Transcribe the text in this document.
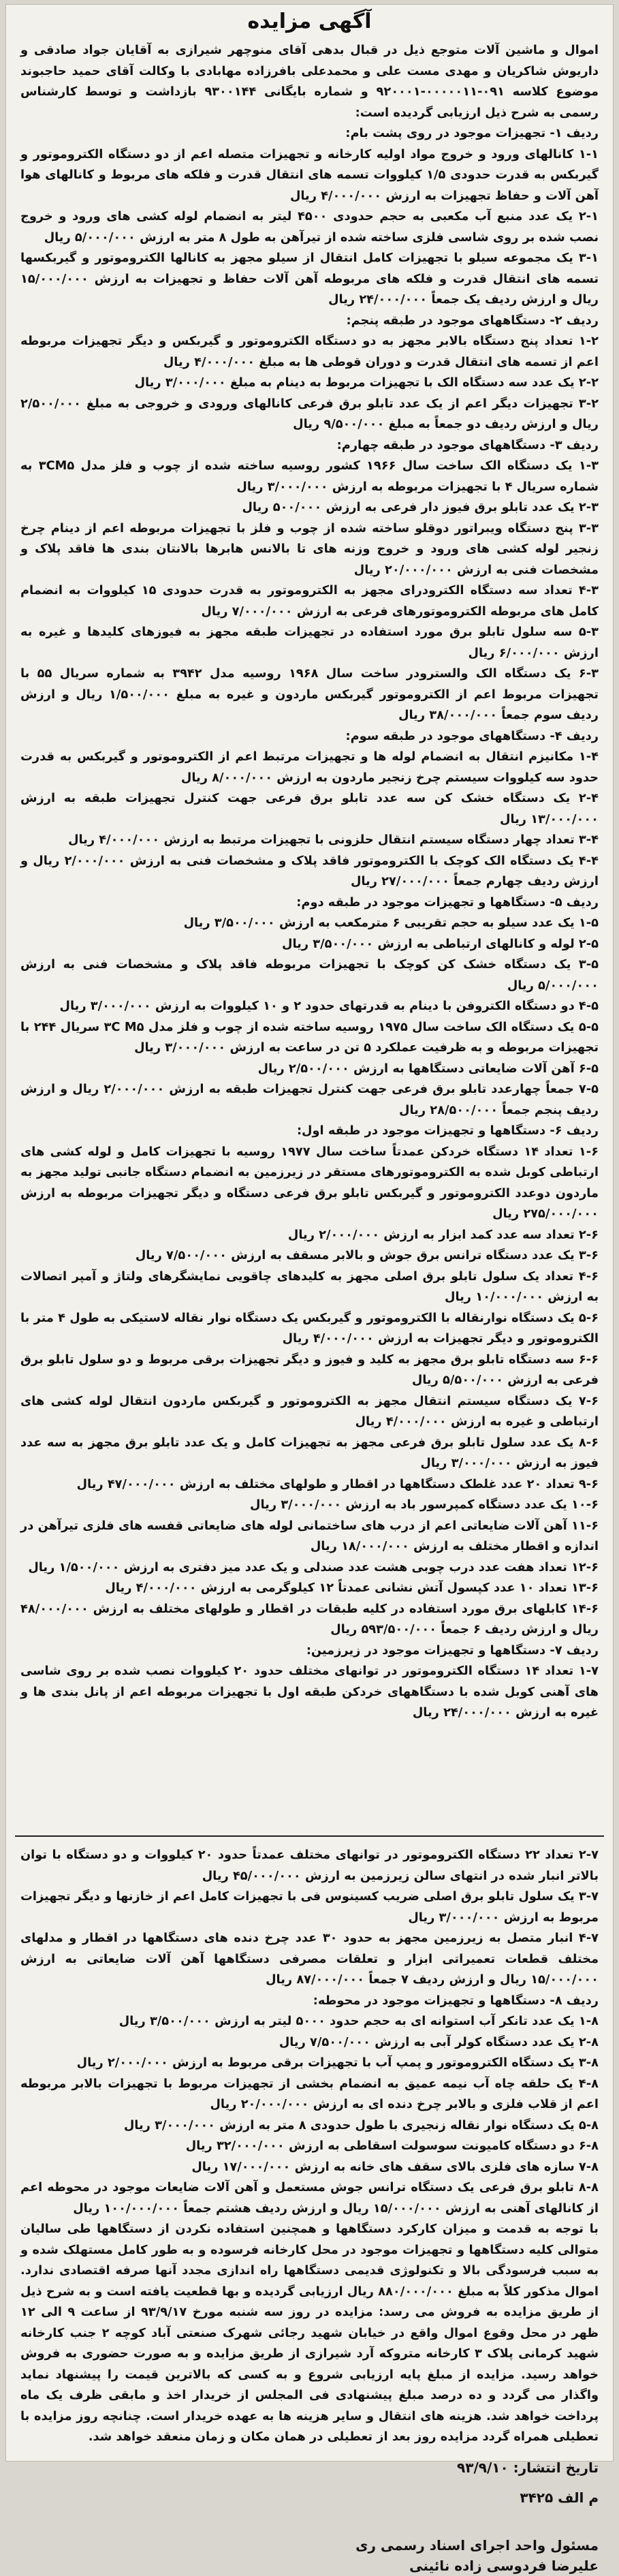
آگهی مزایده

اموال و ماشین آلات متوجع ذیل در قبال بدهی آقای منوچهر شیرازی به آقایان جواد صادقی و داریوش شاکریان و مهدی مست علی و محمدعلی بافرزاده مهابادی با وکالت آقای حمید حاجبوند موضوع کلاسه ۰۹۱-۰۰۰۰۰۱۱-۹۲۰۰۰۱ و شماره بایگانی ۹۳۰۰۱۴۴ بازداشت و توسط کارشناس رسمی به شرح ذیل ارزیابی گردیده است:

ردیف ۱- تجهیزات موجود در روی پشت بام:

۱-۱ کانالهای ورود و خروج مواد اولیه کارخانه و تجهیزات متصله اعم از دو دستگاه الکتروموتور و گیربکس به قدرت حدودی ۱/۵ کیلووات تسمه های انتقال قدرت و فلکه های مربوط و کانالهای هوا آهن آلات و حفاظ تجهیزات به ارزش ۴/۰۰۰/۰۰۰ ریال

۲-۱ یک عدد منبع آب مکعبی به حجم حدودی ۴۵۰۰ لیتر به انضمام لوله کشی های ورود و خروج نصب شده بر روی شاسی فلزی ساخته شده از تیرآهن به طول ۸ متر به ارزش ۵/۰۰۰/۰۰۰ ریال

۳-۱ یک مجموعه سیلو با تجهیزات کامل انتقال از سیلو مجهز به کانالها الکتروموتور و گیربکسها تسمه های انتقال قدرت و فلکه های مربوطه آهن آلات حفاظ و تجهیزات به ارزش ۱۵/۰۰۰/۰۰۰ ریال و ارزش ردیف یک جمعاً ۲۴/۰۰۰/۰۰۰ ریال

ردیف ۲- دستگاههای موجود در طبقه پنجم:

۱-۲ تعداد پنج دستگاه بالابر مجهز به دو دستگاه الکتروموتور و گیربکس و دیگر تجهیزات مربوطه اعم از تسمه های انتقال قدرت و دوران قوطی ها به مبلغ ۴/۰۰۰/۰۰۰ ریال

۲-۲ یک عدد سه دستگاه الک با تجهیزات مربوط به دینام به مبلغ ۳/۰۰۰/۰۰۰ ریال

۳-۲ تجهیزات دیگر اعم از یک عدد تابلو برق فرعی کانالهای ورودی و خروجی به مبلغ ۲/۵۰۰/۰۰۰ ریال و ارزش ردیف دو جمعاً به مبلغ ۹/۵۰۰/۰۰۰ ریال

ردیف ۳- دستگاههای موجود در طبقه چهارم:

۱-۳ یک دستگاه الک ساخت سال ۱۹۶۶ کشور روسیه ساخته شده از چوب و فلز مدل ۳CM۵ به شماره سریال ۴ با تجهیزات مربوطه به ارزش ۳/۰۰۰/۰۰۰ ریال

۲-۳ یک عدد تابلو برق فیوز دار فرعی به ارزش ۵۰۰/۰۰۰ ریال

۳-۳ پنج دستگاه ویبراتور دوقلو ساخته شده از چوب و فلز با تجهیزات مربوطه اعم از دینام چرخ زنجیر لوله کشی های ورود و خروج وزنه های تا بالانس هابرها بالانتان بندی ها فاقد پلاک و مشخصات فنی به ارزش ۲۰/۰۰۰/۰۰۰ ریال

۴-۳ تعداد سه دستگاه الکترودرای مجهز به الکتروموتور به قدرت حدودی ۱۵ کیلووات به انضمام کامل های مربوطه الکتروموتورهای فرعی به ارزش ۷/۰۰۰/۰۰۰ ریال

۵-۳ سه سلول تابلو برق مورد استفاده در تجهیزات طبقه مجهز به فیوزهای کلیدها و غیره به ارزش ۶/۰۰۰/۰۰۰ ریال

۶-۳ یک دستگاه الک والسترودر ساخت سال ۱۹۶۸ روسیه مدل ۳۹۴۲ به شماره سریال ۵۵ با تجهیزات مربوط اعم از الکتروموتور گیربکس ماردون و غیره به مبلغ ۱/۵۰۰/۰۰۰ ریال و ارزش ردیف سوم جمعاً ۳۸/۰۰۰/۰۰۰ ریال

ردیف ۴- دستگاههای موجود در طبقه سوم:

۱-۴ مکانیزم انتقال به انضمام لوله ها و تجهیزات مرتبط اعم از الکتروموتور و گیربکس به قدرت حدود سه کیلووات سیستم چرخ زنجیر ماردون به ارزش ۸/۰۰۰/۰۰۰ ریال

۲-۴ یک دستگاه خشک کن سه عدد تابلو برق فرعی جهت کنترل تجهیزات طبقه به ارزش ۱۳/۰۰۰/۰۰۰ ریال

۳-۴ تعداد چهار دستگاه سیستم انتقال حلزونی با تجهیزات مرتبط به ارزش ۴/۰۰۰/۰۰۰ ریال

۴-۴ یک دستگاه الک کوچک با الکتروموتور فاقد پلاک و مشخصات فنی به ارزش ۲/۰۰۰/۰۰۰ ریال و ارزش ردیف چهارم جمعاً ۲۷/۰۰۰/۰۰۰ ریال

ردیف ۵- دستگاهها و تجهیزات موجود در طبقه دوم:

۱-۵ یک عدد سیلو به حجم تقریبی ۶ مترمکعب به ارزش ۳/۵۰۰/۰۰۰ ریال

۲-۵ لوله و کانالهای ارتباطی به ارزش ۳/۵۰۰/۰۰۰ ریال

۳-۵ یک دستگاه خشک کن کوچک با تجهیزات مربوطه فاقد پلاک و مشخصات فنی به ارزش ۵/۰۰۰/۰۰۰ ریال

۴-۵ دو دستگاه الکتروفن با دینام به قدرتهای حدود ۲ و ۱۰ کیلووات به ارزش ۳/۰۰۰/۰۰۰ ریال

۵-۵ یک دستگاه الک ساخت سال ۱۹۷۵ روسیه ساخته شده از چوب و فلز مدل ۳C M۵ سریال ۲۴۴ با تجهیزات مربوطه و به ظرفیت عملکرد ۵ تن در ساعت به ارزش ۳/۰۰۰/۰۰۰ ریال

۶-۵ آهن آلات ضایعاتی دستگاهها به ارزش ۲/۵۰۰/۰۰۰ ریال

۷-۵ جمعاً چهارعدد تابلو برق فرعی جهت کنترل تجهیزات طبقه به ارزش ۲/۰۰۰/۰۰۰ ریال و ارزش ردیف پنجم جمعاً ۲۸/۵۰۰/۰۰۰ ریال

ردیف ۶- دستگاهها و تجهیزات موجود در طبقه اول:

۱-۶ تعداد ۱۴ دستگاه خردکن عمدتاً ساخت سال ۱۹۷۷ روسیه با تجهیزات کامل و لوله کشی های ارتباطی کوبل شده به الکتروموتورهای مستقر در زیرزمین به انضمام دستگاه جانبی تولید مجهز به ماردون دوعدد الکتروموتور و گیربکس تابلو برق فرعی دستگاه و دیگر تجهیزات مربوطه به ارزش ۲۷۵/۰۰۰/۰۰۰ ریال

۲-۶ تعداد سه عدد کمد ابزار به ارزش ۲/۰۰۰/۰۰۰ ریال

۳-۶ یک عدد دستگاه ترانس برق جوش و بالابر مسقف به ارزش ۷/۵۰۰/۰۰۰ ریال

۴-۶ تعداد یک سلول تابلو برق اصلی مجهز به کلیدهای چاقویی نمایشگرهای ولتاژ و آمپر اتصالات به ارزش ۱۰/۰۰۰/۰۰۰ ریال

۵-۶ یک دستگاه نوارنقاله با الکتروموتور و گیربکس یک دستگاه نوار نقاله لاستیکی به طول ۴ متر با الکتروموتور و دیگر تجهیزات به ارزش ۴/۰۰۰/۰۰۰ ریال

۶-۶ سه دستگاه تابلو برق مجهز به کلید و فیوز و دیگر تجهیزات برقی مربوط و دو سلول تابلو برق فرعی به ارزش ۵/۵۰۰/۰۰۰ ریال

۷-۶ یک دستگاه سیستم انتقال مجهز به الکتروموتور و گیربکس ماردون انتقال لوله کشی های ارتباطی و غیره به ارزش ۴/۰۰۰/۰۰۰ ریال

۸-۶ یک عدد سلول تابلو برق فرعی مجهز به تجهیزات کامل و یک عدد تابلو برق مجهز به سه عدد فیوز به ارزش ۳/۰۰۰/۰۰۰ ریال

۹-۶ تعداد ۲۰ عدد غلطک دستگاهها در اقطار و طولهای مختلف به ارزش ۴۷/۰۰۰/۰۰۰ ریال

۱۰-۶ یک عدد دستگاه کمپرسور باد به ارزش ۳/۰۰۰/۰۰۰ ریال

۱۱-۶ آهن آلات ضایعاتی اعم از درب های ساختمانی لوله های ضایعاتی قفسه های فلزی تیرآهن در اندازه و اقطار مختلف به ارزش ۱۸/۰۰۰/۰۰۰ ریال

۱۲-۶ تعداد هفت عدد درب چوبی هشت عدد صندلی و یک عدد میز دفتری به ارزش ۱/۵۰۰/۰۰۰ ریال

۱۳-۶ تعداد ۱۰ عدد کپسول آتش نشانی عمدتاً ۱۲ کیلوگرمی به ارزش ۴/۰۰۰/۰۰۰ ریال

۱۴-۶ کابلهای برق مورد استفاده در کلیه طبقات در اقطار و طولهای مختلف به ارزش ۴۸/۰۰۰/۰۰۰ ریال و ارزش ردیف ۶ جمعاً ۵۹۳/۵۰۰/۰۰۰ ریال

ردیف ۷- دستگاهها و تجهیزات موجود در زیرزمین:

۱-۷ تعداد ۱۴ دستگاه الکتروموتور در توانهای مختلف حدود ۲۰ کیلووات نصب شده بر روی شاسی های آهنی کوبل شده با دستگاههای خردکن طبقه اول با تجهیزات مربوطه اعم از پانل بندی ها و غیره به ارزش ۲۴/۰۰۰/۰۰۰ ریال

۲-۷ تعداد ۲۲ دستگاه الکتروموتور در توانهای مختلف عمدتاً حدود ۲۰ کیلووات و دو دستگاه با توان بالاتر انبار شده در انتهای سالن زیرزمین به ارزش ۴۵/۰۰۰/۰۰۰ ریال

۳-۷ یک سلول تابلو برق اصلی ضریب کسینوس فی با تجهیزات کامل اعم از خازنها و دیگر تجهیزات مربوط به ارزش ۳/۰۰۰/۰۰۰ ریال

۴-۷ انبار متصل به زیرزمین مجهز به حدود ۳۰ عدد چرخ دنده های دستگاهها در اقطار و مدلهای مختلف قطعات تعمیراتی ابزار و تعلقات مصرفی دستگاهها آهن آلات ضایعاتی به ارزش ۱۵/۰۰۰/۰۰۰ ریال و ارزش ردیف ۷ جمعاً ۸۷/۰۰۰/۰۰۰ ریال

ردیف ۸- دستگاهها و تجهیزات موجود در محوطه:

۱-۸ یک عدد تانکر آب استوانه ای به حجم حدود ۵۰۰۰ لیتر به ارزش ۳/۵۰۰/۰۰۰ ریال

۲-۸ یک عدد دستگاه کولر آبی به ارزش ۷/۵۰۰/۰۰۰ ریال

۳-۸ یک دستگاه الکتروموتور و پمپ آب با تجهیزات برقی مربوط به ارزش ۲/۰۰۰/۰۰۰ ریال

۴-۸ یک حلقه چاه آب نیمه عمیق به انضمام بخشی از تجهیزات مربوط با تجهیزات بالابر مربوطه اعم از قلاب فلزی و بالابر چرخ دنده ای به ارزش ۲۰/۰۰۰/۰۰۰ ریال

۵-۸ یک دستگاه نوار نقاله زنجیری با طول حدودی ۸ متر به ارزش ۳/۰۰۰/۰۰۰ ریال

۶-۸ دو دستگاه کامیونت سوسولت اسقاطی به ارزش ۳۲/۰۰۰/۰۰۰ ریال

۷-۸ سازه های فلزی بالای سقف های خانه به ارزش ۱۷/۰۰۰/۰۰۰ ریال

۸-۸ تابلو برق فرعی یک دستگاه ترانس جوش مستعمل و آهن آلات ضایعات موجود در محوطه اعم از کانالهای آهنی به ارزش ۱۵/۰۰۰/۰۰۰ ریال و ارزش ردیف هشتم جمعاً ۱۰۰/۰۰۰/۰۰۰ ریال

با توجه به قدمت و میزان کارکرد دستگاهها و همچنین استفاده نکردن از دستگاهها طی سالیان متوالی کلیه دستگاهها و تجهیزات موجود در محل کارخانه فرسوده و به طور کامل مستهلک شده و به سبب فرسودگی بالا و تکنولوژی قدیمی دستگاهها راه اندازی مجدد آنها صرفه اقتصادی ندارد. اموال مذکور کلاً به مبلغ ۸۸۰/۰۰۰/۰۰۰ ریال ارزیابی گردیده و بها قطعیت یافته است و به شرح ذیل از طریق مزایده به فروش می رسد: مزایده در روز سه شنبه مورخ ۹۳/۹/۱۷ از ساعت ۹ الی ۱۲ ظهر در محل وقوع اموال واقع در خیابان شهید رجائی شهرک صنعتی آباد کوچه ۲ جنب کارخانه شهید کرمانی پلاک ۳ کارخانه متروکه آرد شیرازی از طریق مزایده و به صورت حضوری به فروش خواهد رسید. مزایده از مبلغ پایه ارزیابی شروع و به کسی که بالاترین قیمت را پیشنهاد نماید واگذار می گردد و ده درصد مبلغ پیشنهادی فی المجلس از خریدار اخذ و مابقی ظرف یک ماه پرداخت خواهد شد. هزینه های انتقال و سایر هزینه ها به عهده خریدار است. چنانچه روز مزایده با تعطیلی همراه گردد مزایده روز بعد از تعطیلی در همان مکان و زمان منعقد خواهد شد.

تاریخ انتشار: ۹۳/۹/۱۰
م الف ۳۴۲۵
مسئول واحد اجرای اسناد رسمی ری
علیرضا فردوسی زاده نائینی
